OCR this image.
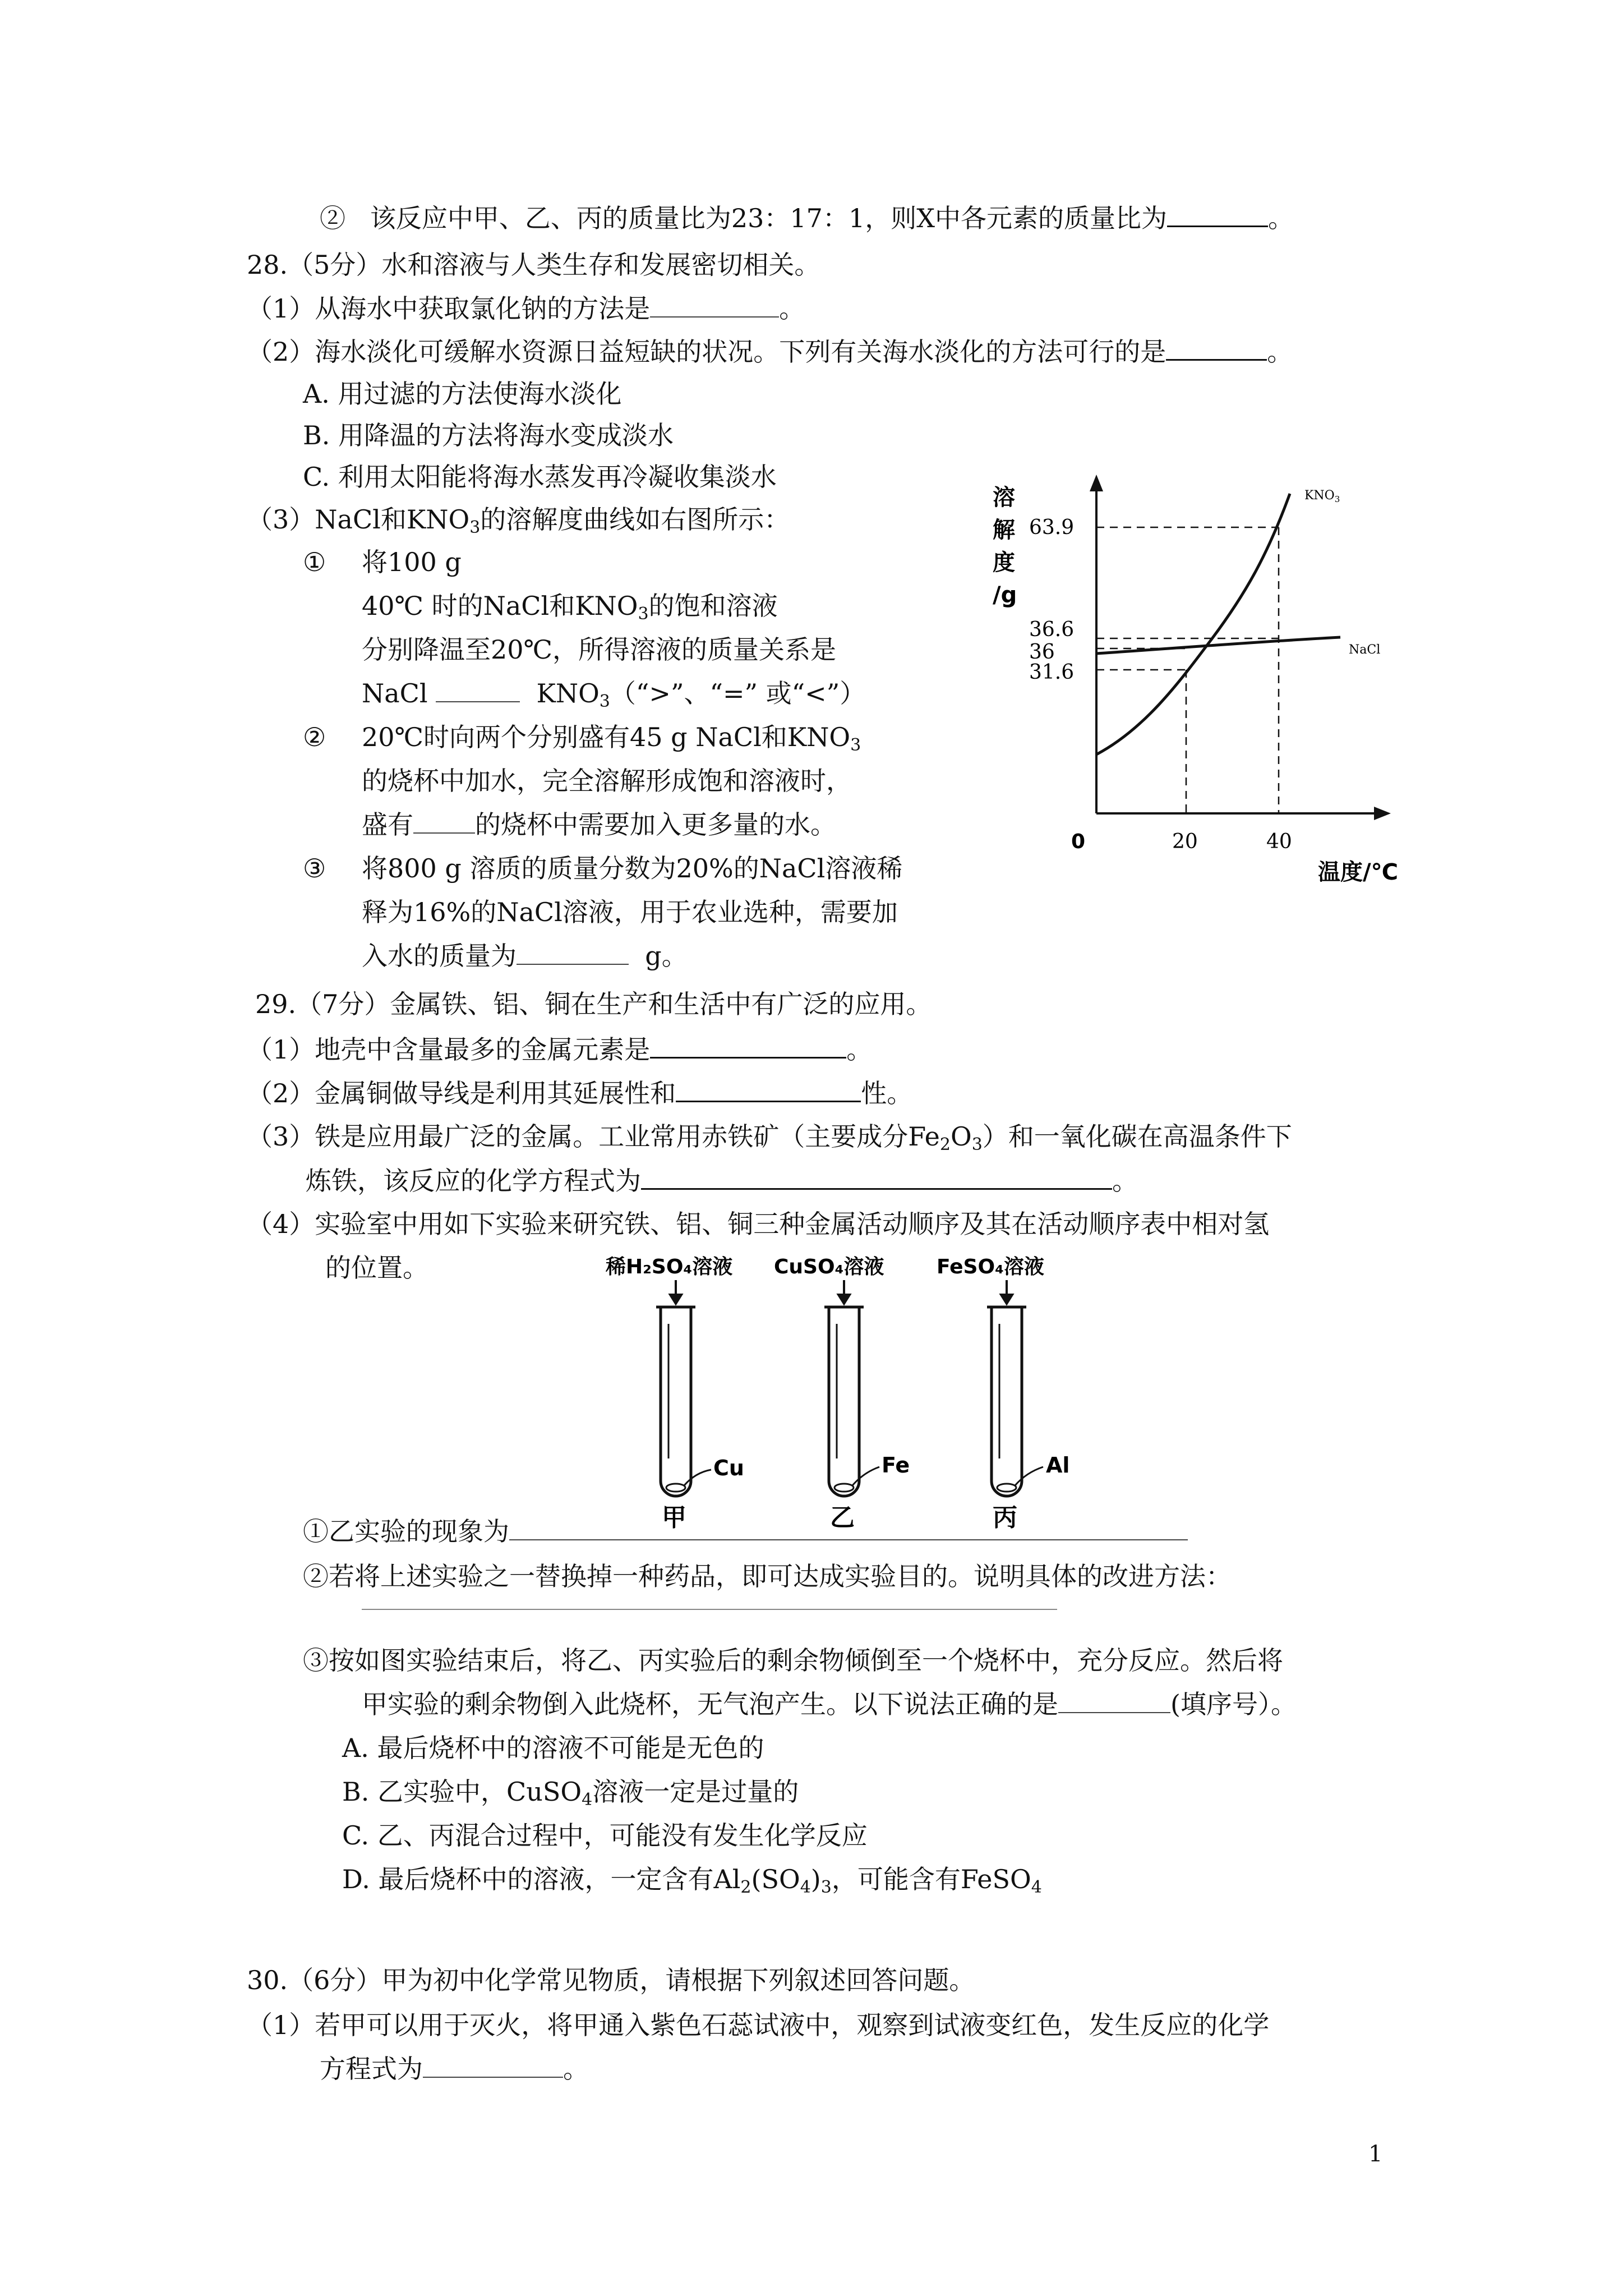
② 该反应中甲、乙、丙的质量比为23：17：1，则X中各元素的质量比为	。
28.（5分）水和溶液与人类生存和发展密切相关。
（1）从海水中获取氯化钠的方法是	。
（2）海水淡化可缓解水资源日益短缺的状况。下列有关海水淡化的方法可行的是	。
A. 用过滤的方法使海水淡化
B. 用降温的方法将海水变成淡水
C. 利用太阳能将海水蒸发再冷凝收集淡水
（3）NaCl和$KNO_3$的溶解度曲线如右图所示：
① 将100 g
40℃ 时的NaCl和$KNO_3$的饱和溶液
分别降温至20℃，所得溶液的质量关系是
NaCl	$KNO_3(“>$”、“=” 或“<”）
② 20℃时向两个分别盛有45 g NaCl和$KNO_3$
的烧杯中加水，完全溶解形成饱和溶液时，
盛有 的烧杯中需要加入更多量的水。
③ 将800 g 溶质的质量分数为20%的NaCl溶液稀
释为16%的NaCl溶液，用于农业选种，需要加
入水的质量为	g。
溶
解
度
/g
63.9
36.6
36
31.6
0	20	40
温度/℃
$KNO_3$
NaCl
29.（7分）金属铁、铝、铜在生产和生活中有广泛的应用。
（1）地壳中含量最多的金属元素是	。
（2）金属铜做导线是利用其延展性和	性。
（3）铁是应用最广泛的金属。工业常用赤铁矿（主要成分$Fe_2O_3$）和一氧化碳在高温条件下
炼铁，该反应的化学方程式为	。
（4）实验室中用如下实验来研究铁、铝、铜三种金属活动顺序及其在活动顺序表中相对氢
的位置。	稀H₂SO₄溶液 CuSO₄溶液	FeSO₄溶液
Cu	Fe	Al
甲	乙	丙
①乙实验的现象为
②若将上述实验之一替换掉一种药品，即可达成实验目的。说明具体的改进方法：
③按如图实验结束后，将乙、丙实验后的剩余物倾倒至一个烧杯中，充分反应。然后将
甲实验的剩余物倒入此烧杯，无气泡产生。以下说法正确的是	(填序号）。
A. 最后烧杯中的溶液不可能是无色的
B. 乙实验中，CuSO$_4$溶液一定是过量的
C. 乙、丙混合过程中，可能没有发生化学反应
D. 最后烧杯中的溶液，一定含有$Al_2(SO_4)_3$，可能含有FeSO$_4$
30.（6分）甲为初中化学常见物质，请根据下列叙述回答问题。
（1）若甲可以用于灭火，将甲通入紫色石蕊试液中，观察到试液变红色，发生反应的化学
方程式为	。
1
